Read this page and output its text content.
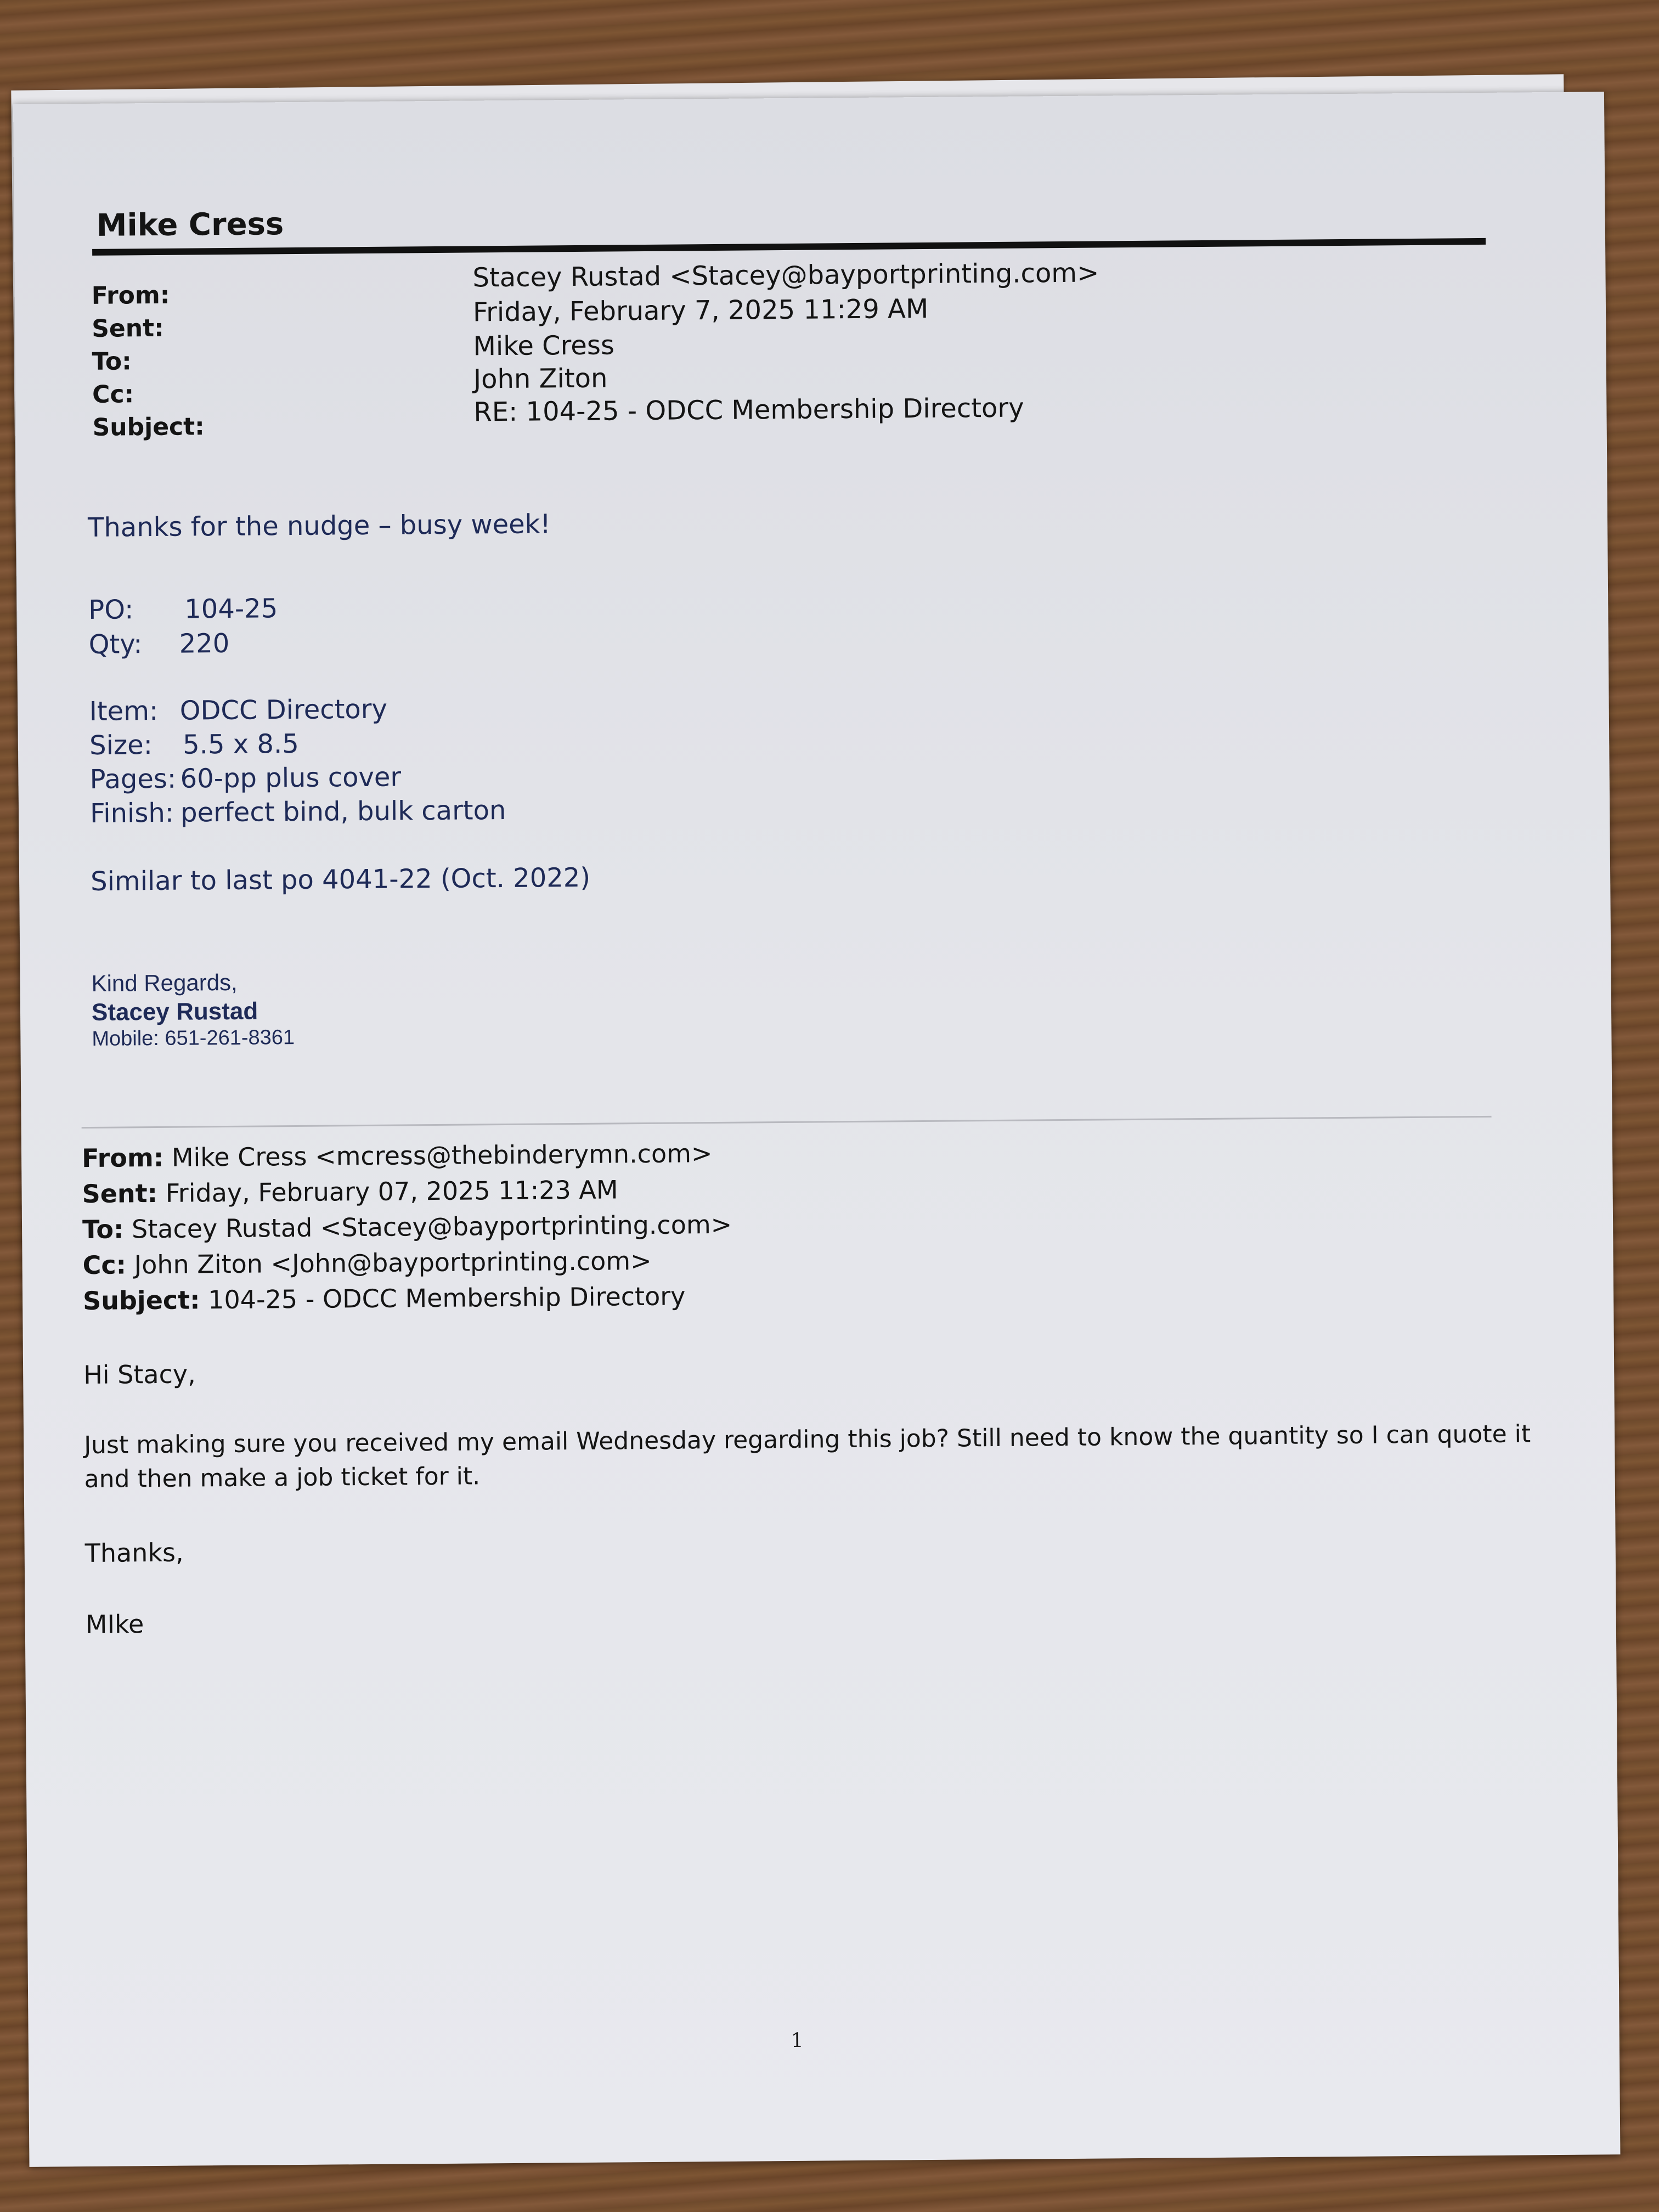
Mike Cress
From:
Sent:
To:
Cc:
Subject:
Stacey Rustad <Stacey@bayportprinting.com>
Friday, February 7, 2025 11:29 AM
Mike Cress
John Ziton
RE: 104-25 - ODCC Membership Directory
Thanks for the nudge – busy week!
PO: 104-25
Qty: 220
Item: ODCC Directory
Size: 5.5 x 8.5
Pages: 60-pp plus cover
Finish: perfect bind, bulk carton
Similar to last po 4041-22 (Oct. 2022)
Kind Regards,
Stacey Rustad
Mobile: 651-261-8361
From: Mike Cress <mcress@thebinderymn.com>
Sent: Friday, February 07, 2025 11:23 AM
To: Stacey Rustad <Stacey@bayportprinting.com>
Cc: John Ziton <John@bayportprinting.com>
Subject: 104-25 - ODCC Membership Directory
Hi Stacy,
Just making sure you received my email Wednesday regarding this job? Still need to know the quantity so I can quote it
and then make a job ticket for it.
Thanks,
MIke
1
